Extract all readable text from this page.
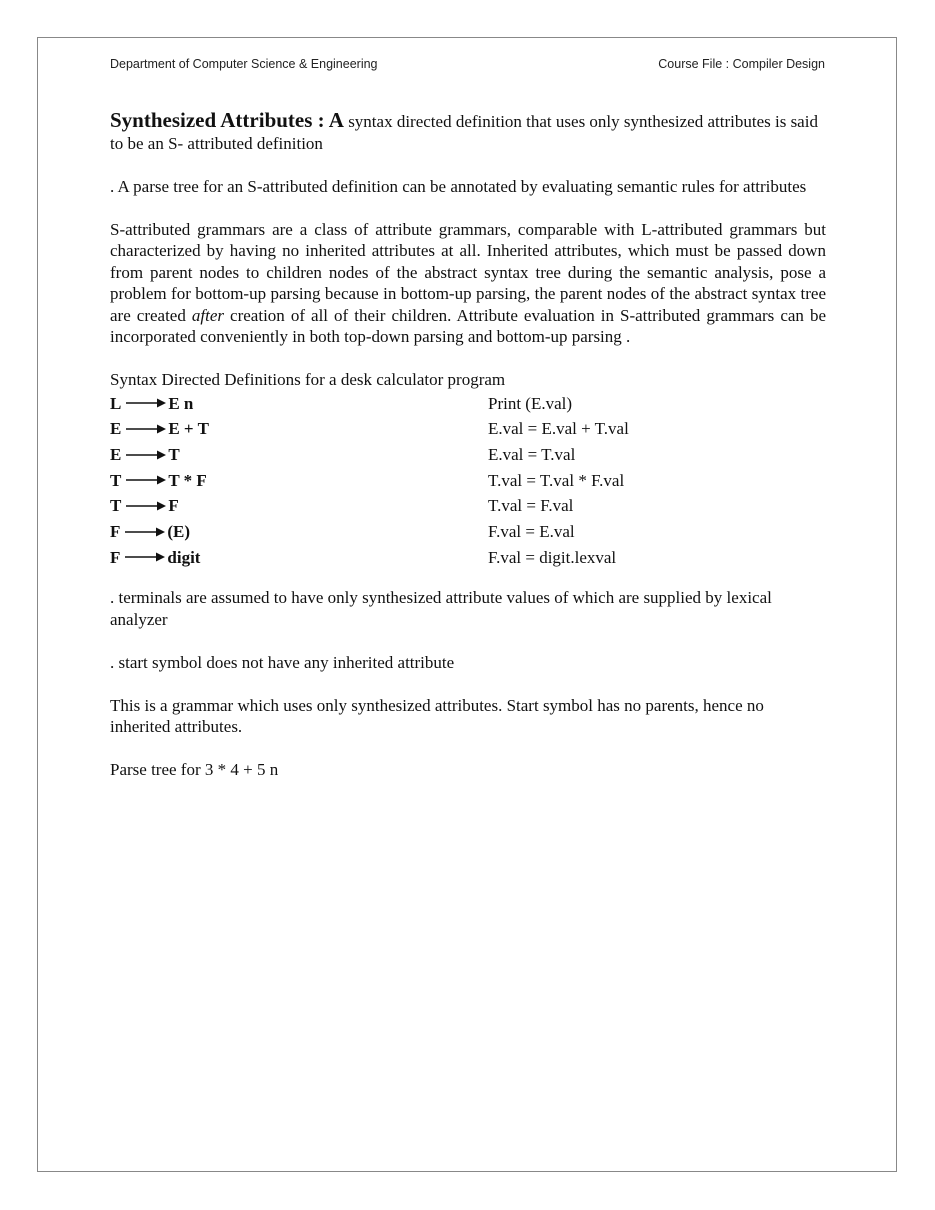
Department of Computer Science & Engineering	Course File : Compiler Design

Synthesized Attributes : A syntax directed definition that uses only synthesized attributes is said to be an S- attributed definition

. A parse tree for an S-attributed definition can be annotated by evaluating semantic rules for attributes

S-attributed grammars are a class of attribute grammars, comparable with L-attributed grammars but characterized by having no inherited attributes at all. Inherited attributes, which must be passed down from parent nodes to children nodes of the abstract syntax tree during the semantic analysis, pose a problem for bottom-up parsing because in bottom-up parsing, the parent nodes of the abstract syntax tree are created after creation of all of their children. Attribute evaluation in S-attributed grammars can be incorporated conveniently in both top-down parsing and bottom-up parsing .

Syntax Directed Definitions for a desk calculator program

L	E n	Print (E.val)
E	E + T	E.val = E.val + T.val
E	T	E.val = T.val
T	T * F	T.val = T.val * F.val
T	F	T.val = F.val
F	(E)	F.val = E.val
F	digit	F.val = digit.lexval

. terminals are assumed to have only synthesized attribute values of which are supplied by lexical analyzer

. start symbol does not have any inherited attribute

This is a grammar which uses only synthesized attributes. Start symbol has no parents, hence no inherited attributes.

Parse tree for 3 * 4 + 5 n
